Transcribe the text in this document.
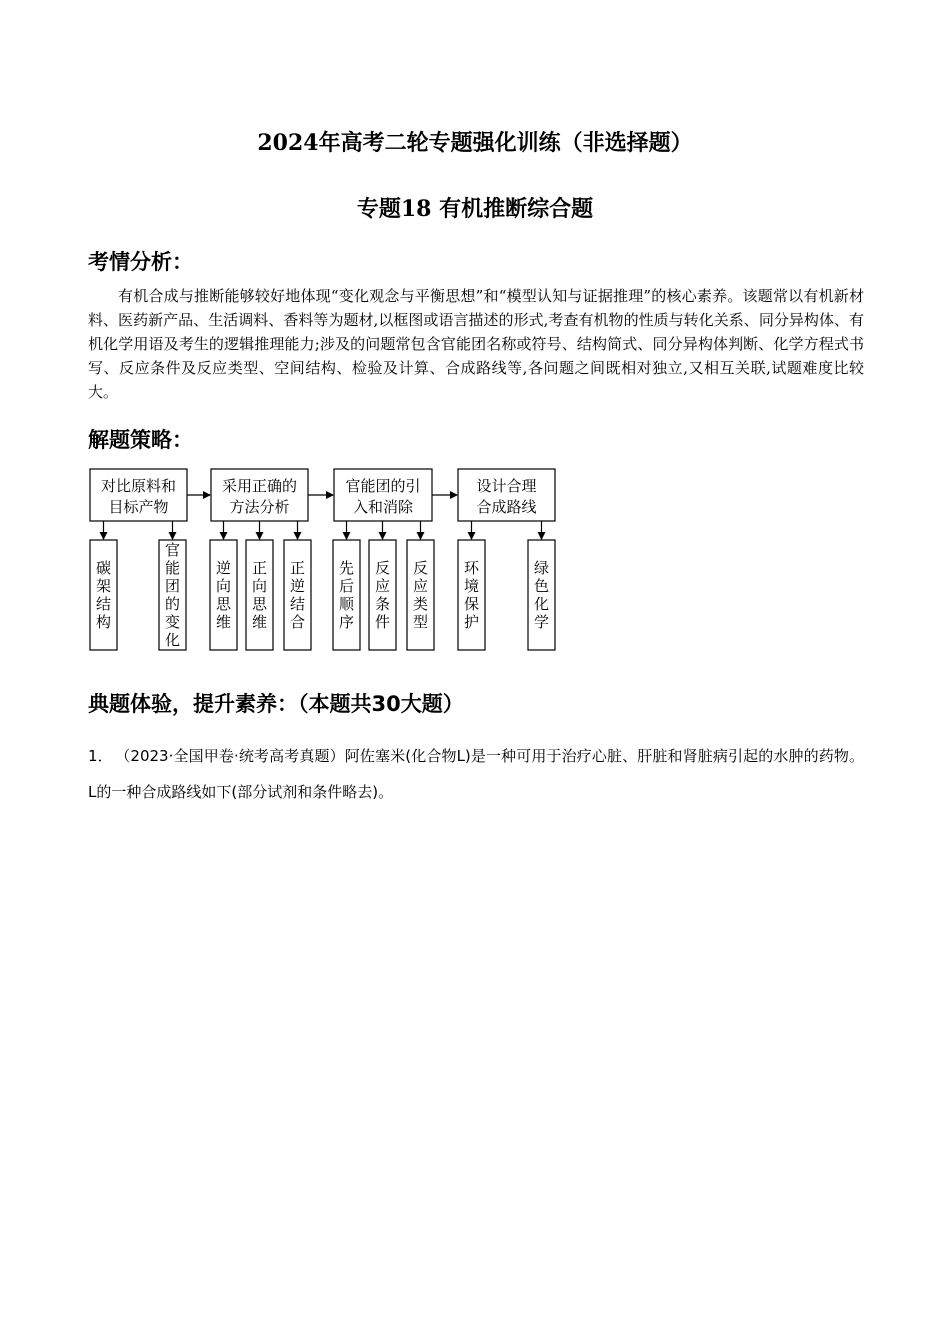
2024年高考二轮专题强化训练（非选择题）
专题18 有机推断综合题
考情分析：

有机合成与推断能够较好地体现“变化观念与平衡思想”和“模型认知与证据推理”的核心素养。该题常以有机新材料、医药新产品、生活调料、香料等为题材,以框图或语言描述的形式,考查有机物的性质与转化关系、同分异构体、有机化学用语及考生的逻辑推理能力;涉及的问题常包含官能团名称或符号、结构简式、同分异构体判断、化学方程式书写、反应条件及反应类型、空间结构、检验及计算、合成路线等,各问题之间既相对独立,又相互关联,试题难度比较大。

解题策略：
对比原料和
目标产物
碳
架
结
构
官
能
团
的
变
化
采用正确的
方法分析
逆
向
思
维
正
向
思
维
正
逆
结
合
官能团的引
入和消除
先
后
顺
序
反
应
条
件
反
应
类
型
设计合理
合成路线
环
境
保
护
绿
色
化
学
典题体验，提升素养：（本题共30大题）

1． （2023·全国甲卷·统考高考真题）阿佐塞米(化合物L)是一种可用于治疗心脏、肝脏和肾脏病引起的水肿的药物。L的一种合成路线如下(部分试剂和条件略去)。
